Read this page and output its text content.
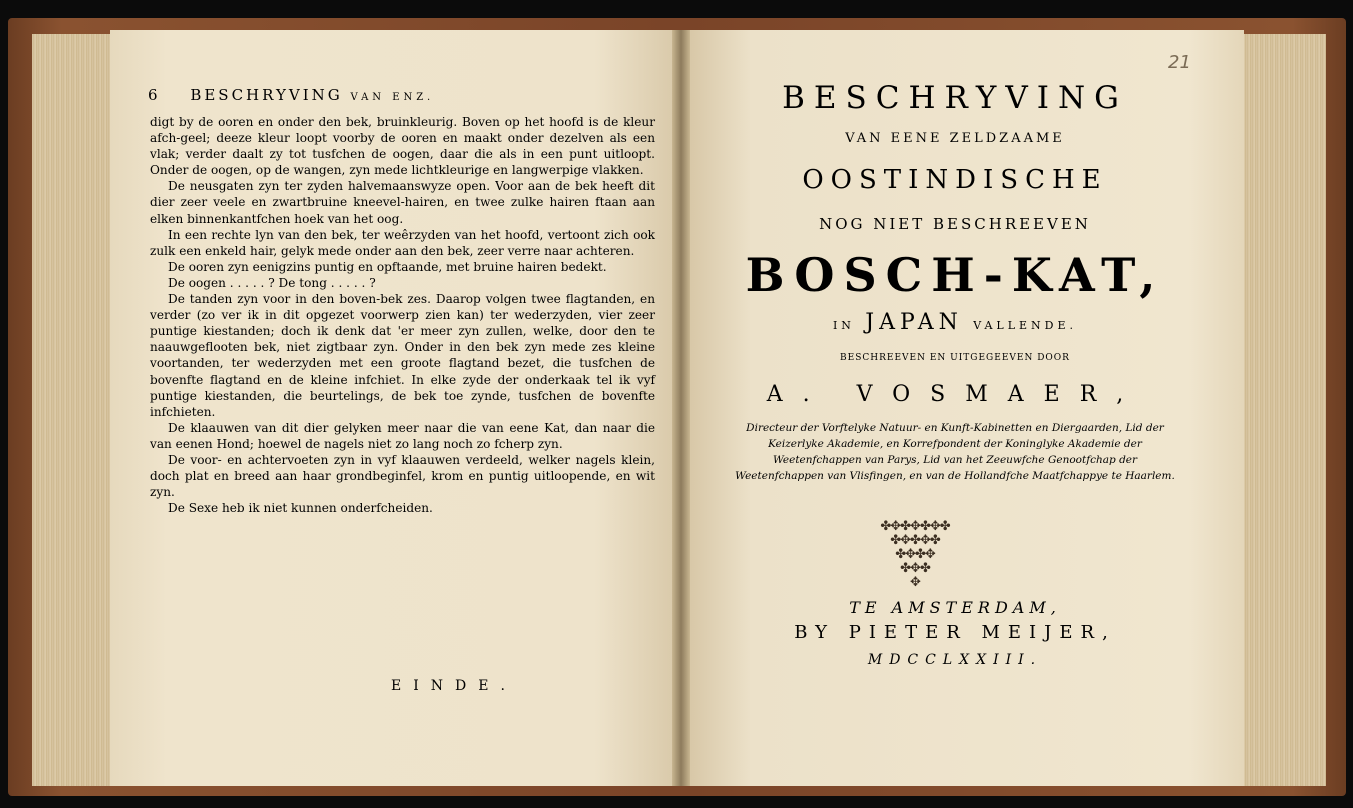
6 BESCHRYVING VAN ENZ.

digt by de ooren en onder den bek, bruinkleurig. Boven op het hoofd is de kleur afch-geel; deeze kleur loopt voorby de ooren en maakt onder dezelven als een vlak; verder daalt zy tot tusfchen de oogen, daar die als in een punt uitloopt. Onder de oogen, op de wangen, zyn mede lichtkleurige en langwerpige vlakken.

De neusgaten zyn ter zyden halvemaanswyze open. Voor aan de bek heeft dit dier zeer veele en zwartbruine kneevel-hairen, en twee zulke hairen ftaan aan elken binnenkantfchen hoek van het oog.

In een rechte lyn van den bek, ter weêrzyden van het hoofd, vertoont zich ook zulk een enkeld hair, gelyk mede onder aan den bek, zeer verre naar achteren.

De ooren zyn eenigzins puntig en opftaande, met bruine hairen bedekt.

De oogen . . . . . ? De tong . . . . . ?

De tanden zyn voor in den boven-bek zes. Daarop volgen twee flagtanden, en verder (zo ver ik in dit opgezet voorwerp zien kan) ter wederzyden, vier zeer puntige kiestanden; doch ik denk dat 'er meer zyn zullen, welke, door den te naauwgeflooten bek, niet zigtbaar zyn. Onder in den bek zyn mede zes kleine voortanden, ter wederzyden met een groote flagtand bezet, die tusfchen de bovenfte flagtand en de kleine infchiet. In elke zyde der onderkaak tel ik vyf puntige kiestanden, die beurtelings, de bek toe zynde, tusfchen de bovenfte infchieten.

De klaauwen van dit dier gelyken meer naar die van eene Kat, dan naar die van eenen Hond; hoewel de nagels niet zo lang noch zo fcherp zyn.

De voor- en achtervoeten zyn in vyf klaauwen verdeeld, welker nagels klein, doch plat en breed aan haar grondbeginfel, krom en puntig uitloopende, en wit zyn.

De Sexe heb ik niet kunnen onderfcheiden.

EINDE.
21
BESCHRYVING
VAN EENE ZELDZAAME
OOSTINDISCHE
NOG NIET BESCHREEVEN
BOSCH-KAT,
IN JAPAN VALLENDE.
BESCHREEVEN EN UITGEGEEVEN DOOR
A. VOSMAER,
Directeur der Vorftelyke Natuur- en Kunft-Kabinetten en Diergaarden, Lid der Keizerlyke Akademie, en Korrefpondent der Koninglyke Akademie der Weetenfchappen van Parys, Lid van het Zeeuwfche Genootfchap der Weetenfchappen van Vlisfingen, en van de Hollandfche Maatfchappye te Haarlem.
✤✥✤✥✤✥✤
✤✥✤✥✤
✤✥✤✥
✤✥✤
✥
TE AMSTERDAM,
BY PIETER MEIJER,
MDCCLXXIII.
